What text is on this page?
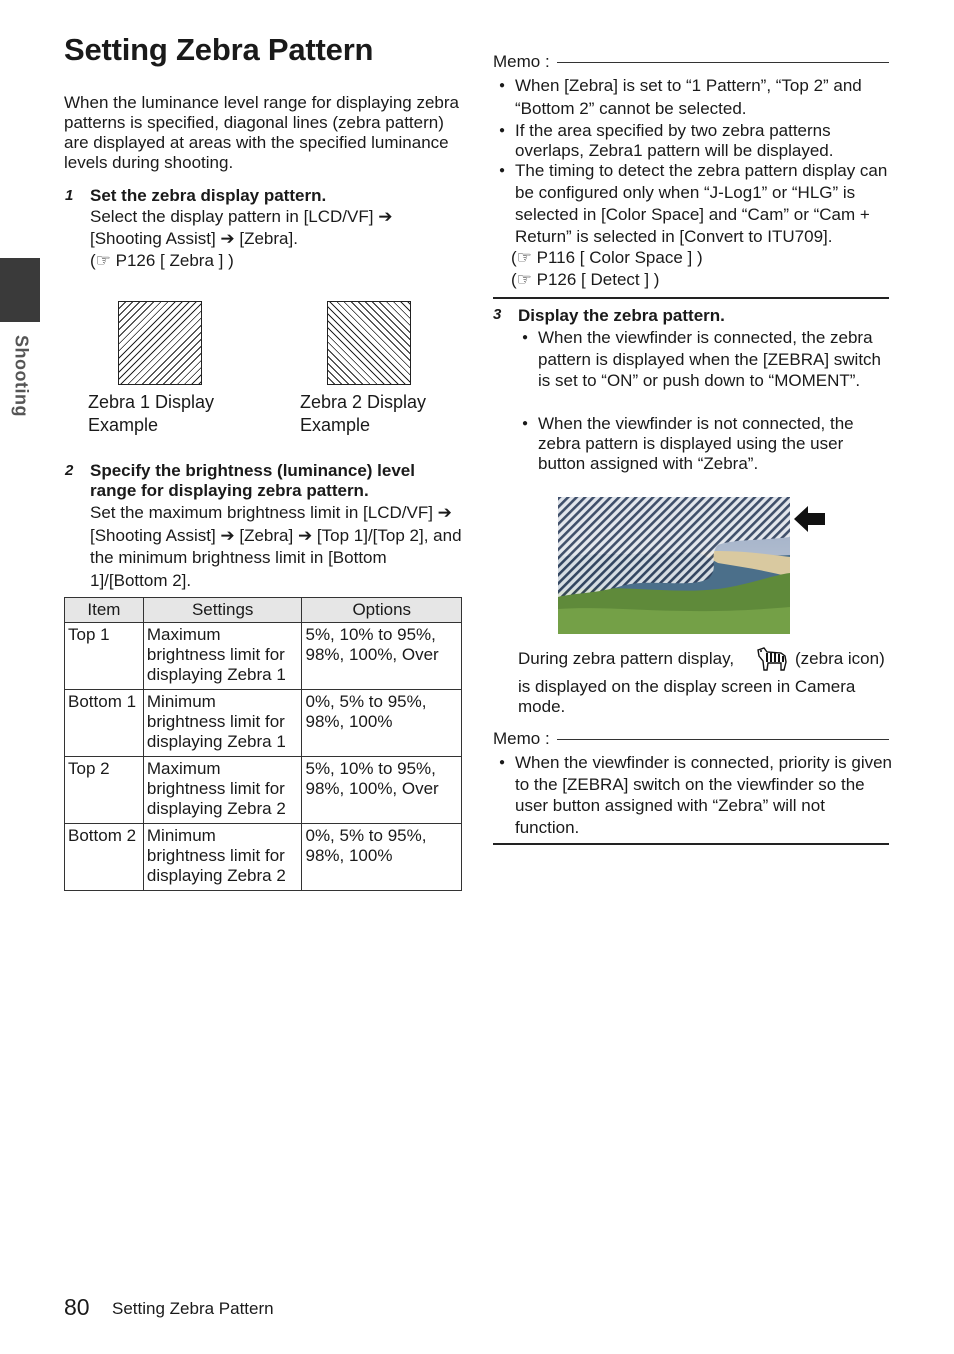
Setting Zebra Pattern
When the luminance level range for displaying zebra patterns is specified, diagonal lines (zebra pattern) are displayed at areas with the specified luminance levels during shooting.
Shooting
1 Set the zebra display pattern.
Select the display pattern in [LCD/VF] ➔
[Shooting Assist] ➔ [Zebra].
(☞ P126 [ Zebra ] )
Zebra 1 Display Example
Zebra 2 Display Example
2 Specify the brightness (luminance) level range for displaying zebra pattern.
Set the maximum brightness limit in [LCD/VF] ➔ [Shooting Assist] ➔ [Zebra] ➔ [Top 1]/[Top 2], and the minimum brightness limit in [Bottom 1]/[Bottom 2].
Item	Settings	Options
Top 1	Maximum brightness limit for displaying Zebra 1	5%, 10% to 95%, 98%, 100%, Over
Bottom 1	Minimum brightness limit for displaying Zebra 1	0%, 5% to 95%, 98%, 100%
Top 2	Maximum brightness limit for displaying Zebra 2	5%, 10% to 95%, 98%, 100%, Over
Bottom 2	Minimum brightness limit for displaying Zebra 2	0%, 5% to 95%, 98%, 100%
Memo :
● When [Zebra] is set to “1 Pattern”, “Top 2” and “Bottom 2” cannot be selected.
● If the area specified by two zebra patterns overlaps, Zebra1 pattern will be displayed.
● The timing to detect the zebra pattern display can be configured only when “J-Log1” or “HLG” is selected in [Color Space] and “Cam” or “Cam + Return” is selected in [Convert to ITU709].
(☞ P116 [ Color Space ] )
(☞ P126 [ Detect ] )
3 Display the zebra pattern.
● When the viewfinder is connected, the zebra pattern is displayed when the [ZEBRA] switch is set to “ON” or push down to “MOMENT”.
● When the viewfinder is not connected, the zebra pattern is displayed using the user button assigned with “Zebra”.
During zebra pattern display,	(zebra icon)
is displayed on the display screen in Camera mode.
Memo :
● When the viewfinder is connected, priority is given to the [ZEBRA] switch on the viewfinder so the user button assigned with “Zebra” will not function.
80 Setting Zebra Pattern
